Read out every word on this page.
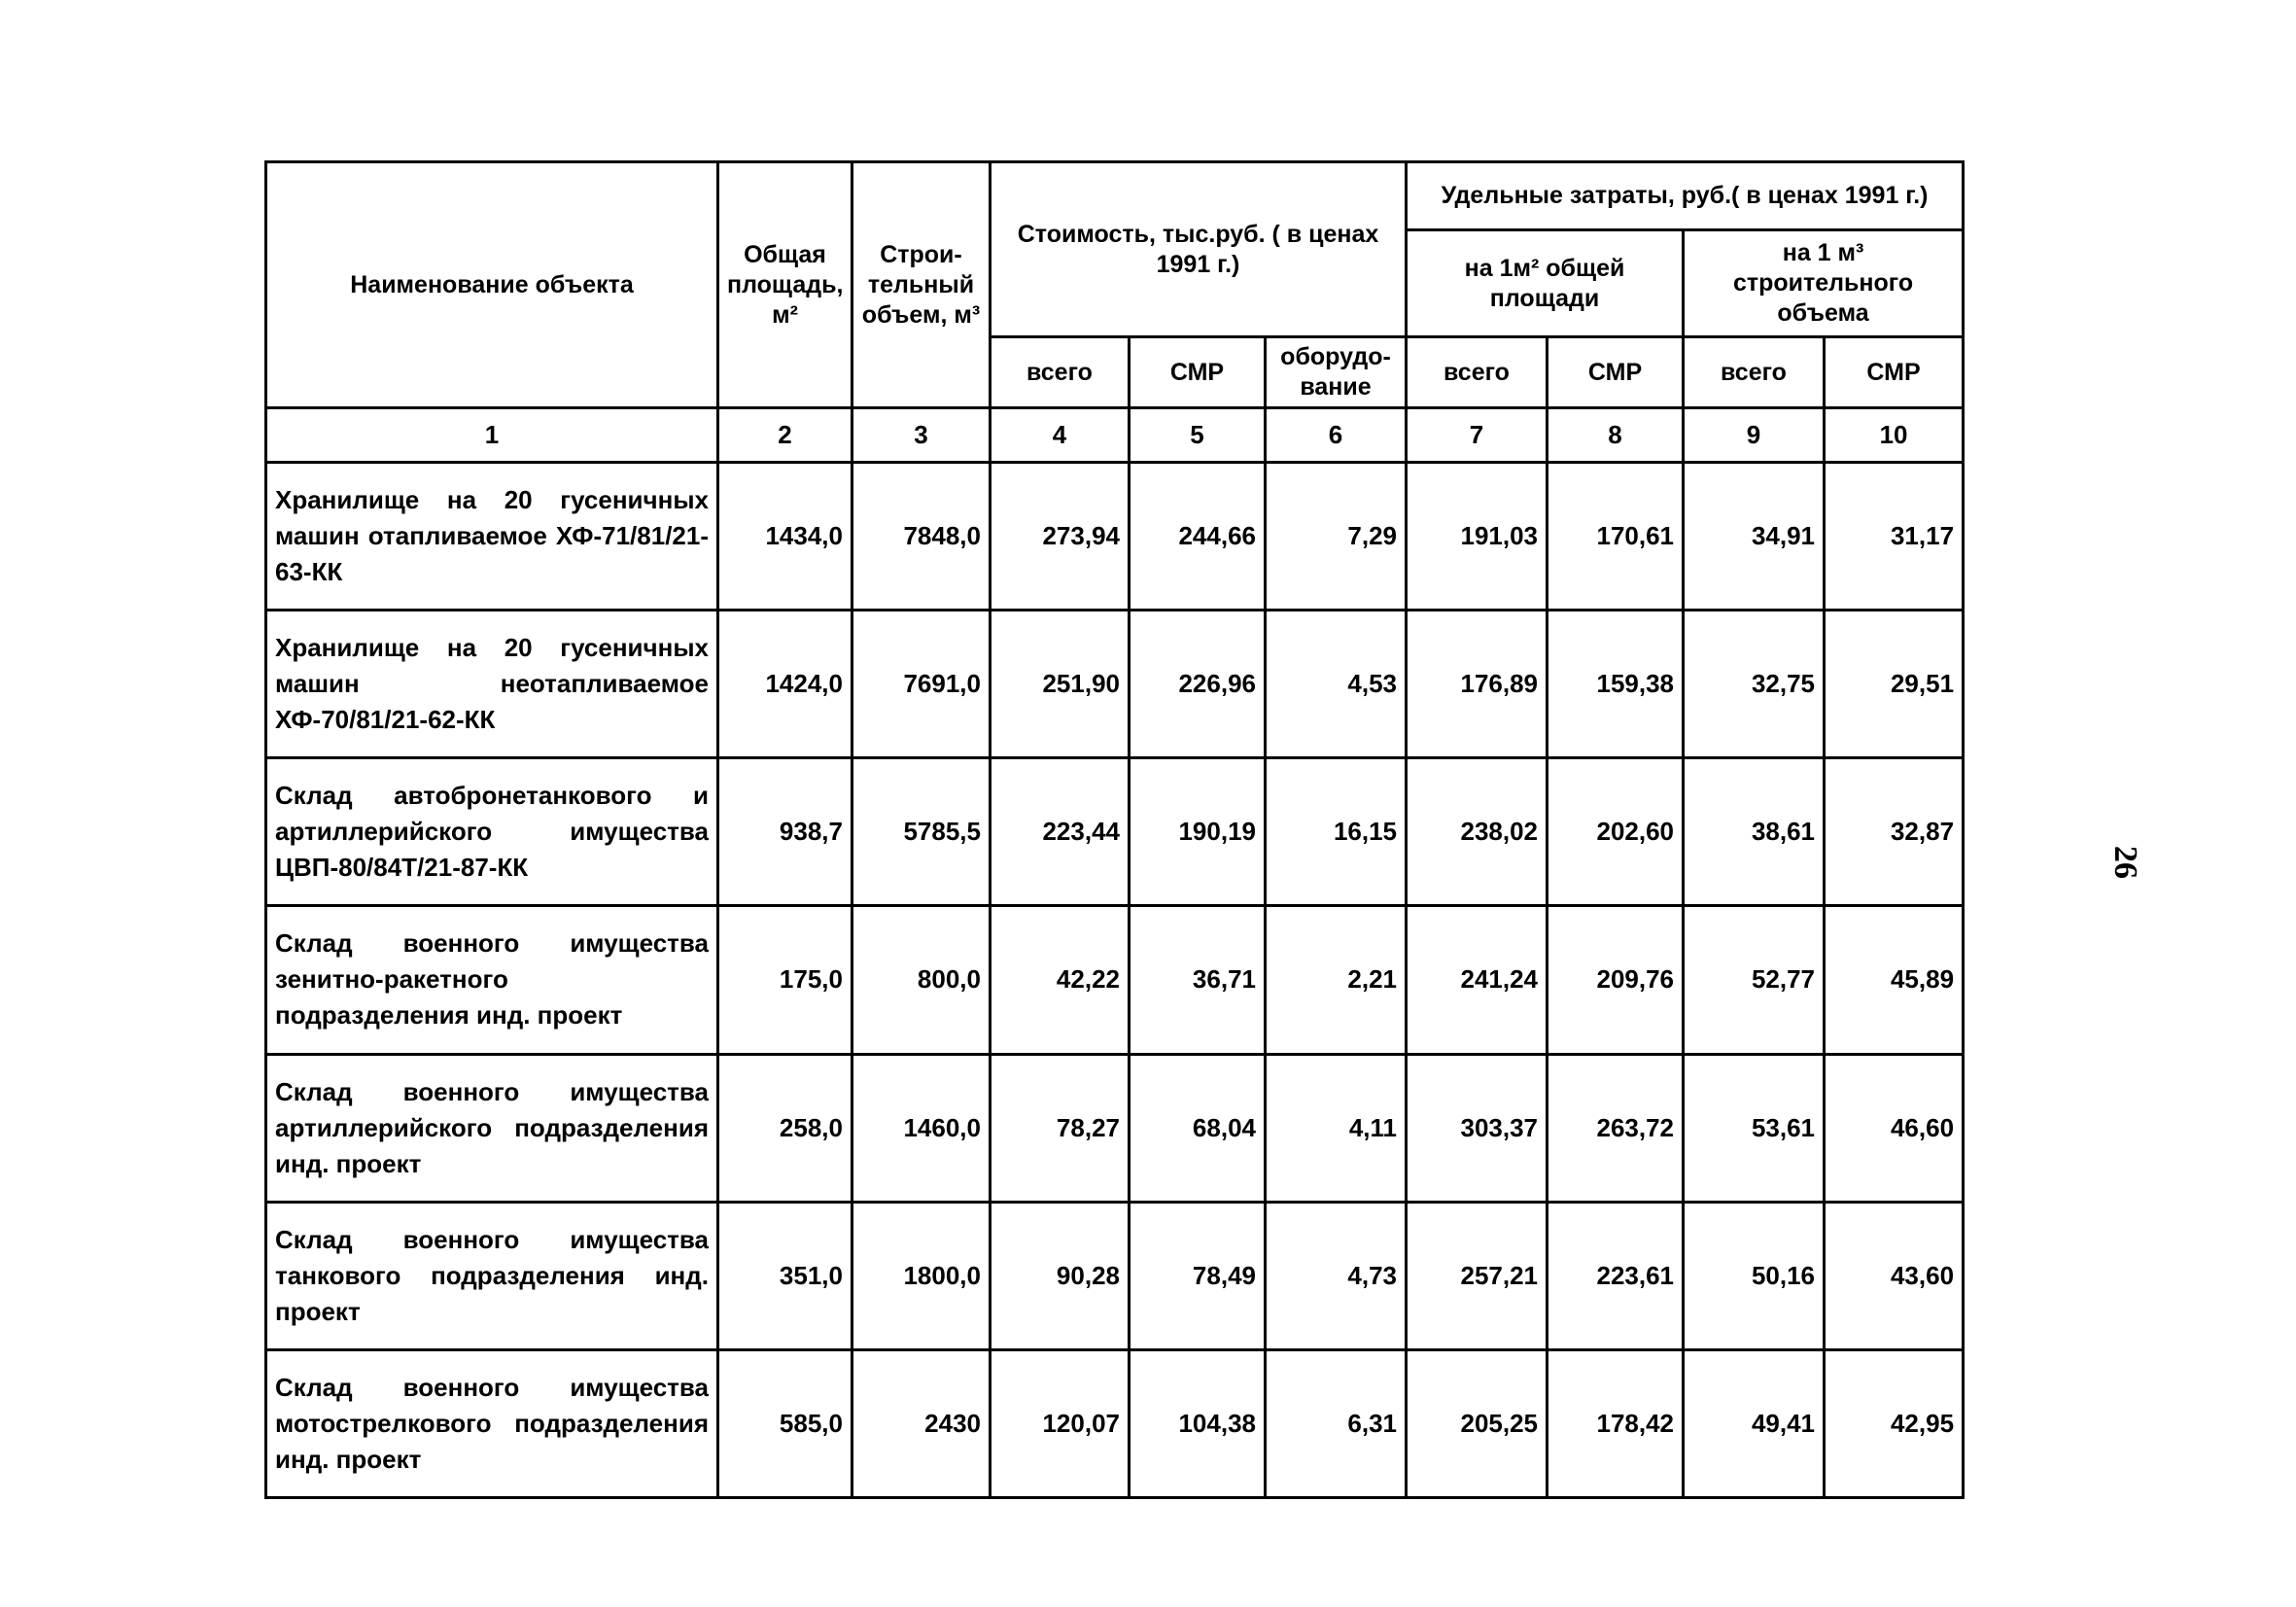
Наименование объекта	Общая площадь, м²	Строи- тельный объем, м³	Стоимость, тыс.руб. ( в ценах 1991 г.)			Удельные затраты, руб.( в ценах 1991 г.)			
						на 1м² общей площади		на 1 м³ строительного объема	
			всего	СМР	оборудо- вание	всего	СМР	всего	СМР
1	2	3	4	5	6	7	8	9	10
Хранилище на 20 гусеничных машин отапливаемое ХФ-71/81/21-63-КК	1434,0	7848,0	273,94	244,66	7,29	191,03	170,61	34,91	31,17
Хранилище на 20 гусеничных машин неотапливаемое ХФ-70/81/21-62-КК	1424,0	7691,0	251,90	226,96	4,53	176,89	159,38	32,75	29,51
Склад автобронетанкового и артиллерийского имущества ЦВП-80/84Т/21-87-КК	938,7	5785,5	223,44	190,19	16,15	238,02	202,60	38,61	32,87
Склад военного имущества зенитно-ракетного подразделения инд. проект	175,0	800,0	42,22	36,71	2,21	241,24	209,76	52,77	45,89
Склад военного имущества артиллерийского подразделения инд. проект	258,0	1460,0	78,27	68,04	4,11	303,37	263,72	53,61	46,60
Склад военного имущества танкового подразделения инд. проект	351,0	1800,0	90,28	78,49	4,73	257,21	223,61	50,16	43,60
Склад военного имущества мотострелкового подразделения инд. проект	585,0	2430	120,07	104,38	6,31	205,25	178,42	49,41	42,95
26
